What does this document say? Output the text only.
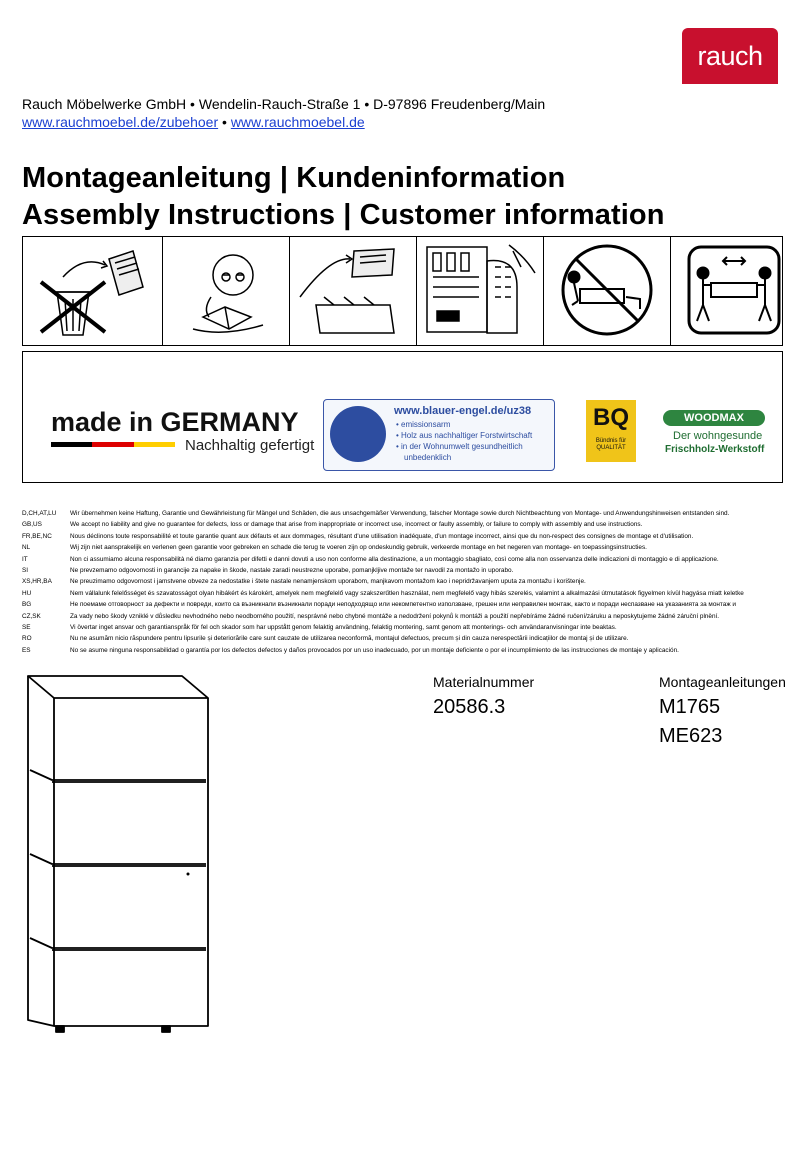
rauch
Rauch Möbelwerke GmbH • Wendelin-Rauch-Straße 1 • D-97896 Freudenberg/Main
www.rauchmoebel.de/zubehoer • www.rauchmoebel.de
Montageanleitung | Kundeninformation
Assembly Instructions | Customer information
made in GERMANY
Nachhaltig gefertigt
www.blauer-engel.de/uz38
• emissionsarm
• Holz aus nachhaltiger Forstwirtschaft
• in der Wohnumwelt gesundheitlich
unbedenklich
BQ
Bündnis für QUALITÄT
WOODMAX
Der wohngesunde
Frischholz-Werkstoff
D,CH,AT,LU	Wir übernehmen keine Haftung, Garantie und Gewährleistung für Mängel und Schäden, die aus unsachgemäßer Verwendung, falscher Montage sowie durch Nichtbeachtung von Montage- und Anwendungshinweisen entstanden sind.
GB,US	We accept no liability and give no guarantee for defects, loss or damage that arise from inappropriate or incorrect use, incorrect or faulty assembly, or failure to comply with assembly and use instructions.
FR,BE,NC	Nous déclinons toute responsabilité et toute garantie quant aux défauts et aux dommages, résultant d'une utilisation inadéquate, d'un montage incorrect, ainsi que du non-respect des consignes de montage et d'utilisation.
NL	Wij zijn niet aansprakelijk en verlenen geen garantie voor gebreken en schade die terug te voeren zijn op ondeskundig gebruik, verkeerde montage en het negeren van montage- en toepassingsinstructies.
IT	Non ci assumiamo alcuna responsabilità né diamo garanzia per difetti e danni dovuti a uso non conforme alla destinazione, a un montaggio sbagliato, così come alla non osservanza delle indicazioni di montaggio e di applicazione.
SI	Ne prevzemamo odgovornosti in garancije za napake in škode, nastale zaradi neustrezne uporabe, pomanjkljive montaže ter navodil za montažo in uporabo.
XS,HR,BA	Ne preuzimamo odgovornost i jamstvene obveze za nedostatke i štete nastale nenamjenskom uporabom, manjkavom montažom kao i nepridržavanjem uputa za montažu i korištenje.
HU	Nem vállalunk felelősséget és szavatosságot olyan hibákért és károkért, amelyek nem megfelelő vagy szakszerűtlen használat, nem megfelelő vagy hibás szerelés, valamint a alkalmazási útmutatások figyelmen kívül hagyása miatt keletke
BG	Не поемаме отговорност за дефекти и повреди, които са възникнали възникнали поради неподходящо или некомпетентно използване, грешен или неправилен монтаж, както и поради неспазване на указанията за монтаж и
CZ,SK	Za vady nebo škody vzniklé v důsledku nevhodného nebo neodborného použití, nesprávné nebo chybné montáže a nedodržení pokynů k montáži a použití nepřebíráme žádné ručení/záruku a neposkytujeme žádné záruční plnění.
SE	Vi övertar inget ansvar och garantianspråk för fel och skador som har uppstått genom felaktig användning, felaktig montering, samt genom att monterings- och användaranvisningar inte beaktas.
RO	Nu ne asumăm nicio răspundere pentru lipsurile și deteriorările care sunt cauzate de utilizarea neconformă, montajul defectuos, precum și din cauza nerespectării indicațiilor de montaj și de utilizare.
ES	No se asume ninguna responsabilidad o garantía por los defectos defectos y daños provocados por un uso inadecuado, por un montaje deficiente o por el incumplimiento de las instrucciones de montaje y aplicación.
Materialnummer
20586.3
Montageanleitungen
M1765
ME623
